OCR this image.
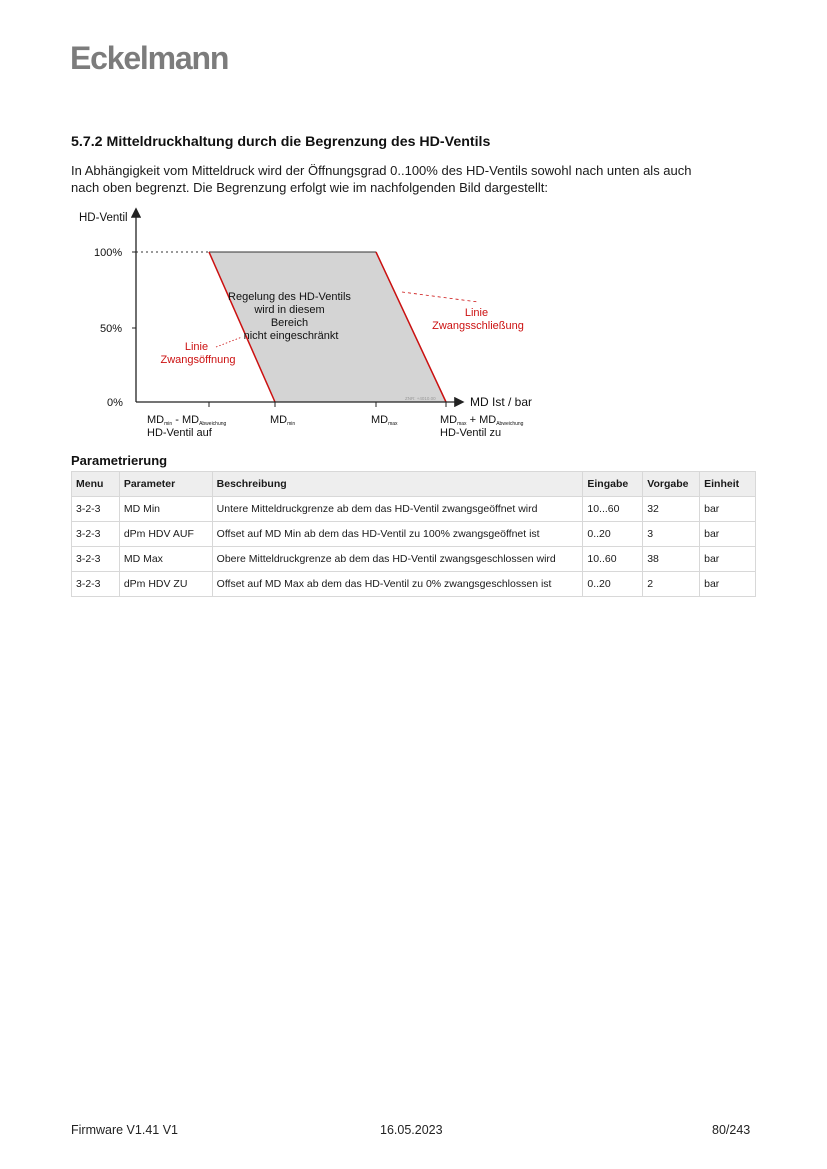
Eckelmann
5.7.2 Mitteldruckhaltung durch die Begrenzung des HD-Ventils
In Abhängigkeit vom Mitteldruck wird der Öffnungsgrad 0..100% des HD-Ventils sowohl nach unten als auch
nach oben begrenzt. Die Begrenzung erfolgt wie im nachfolgenden Bild dargestellt:
HD-Ventil
MD Ist / bar
100%
50%
0%
Regelung des HD-Ventils wird in diesem Bereich nicht eingeschränkt
Linie Zwangsöffnung
Linie Zwangsschließung
ZNR: +4010.00
MDmin - MDAbweichung
HD-Ventil auf
MDmin	MDmax	MDmax + MDAbweichung
HD-Ventil zu
Parametrierung
Menu	Parameter	Beschreibung	Eingabe	Vorgabe	Einheit
3-2-3	MD Min	Untere Mitteldruckgrenze ab dem das HD-Ventil zwangsgeöffnet wird	10...60	32	bar
3-2-3	dPm HDV AUF	Offset auf MD Min ab dem das HD-Ventil zu 100% zwangsgeöffnet ist	0..20	3	bar
3-2-3	MD Max	Obere Mitteldruckgrenze ab dem das HD-Ventil zwangsgeschlossen wird	10..60	38	bar
3-2-3	dPm HDV ZU	Offset auf MD Max ab dem das HD-Ventil zu 0% zwangsgeschlossen ist	0..20	2	bar
Firmware V1.41 V1	16.05.2023	80/243
